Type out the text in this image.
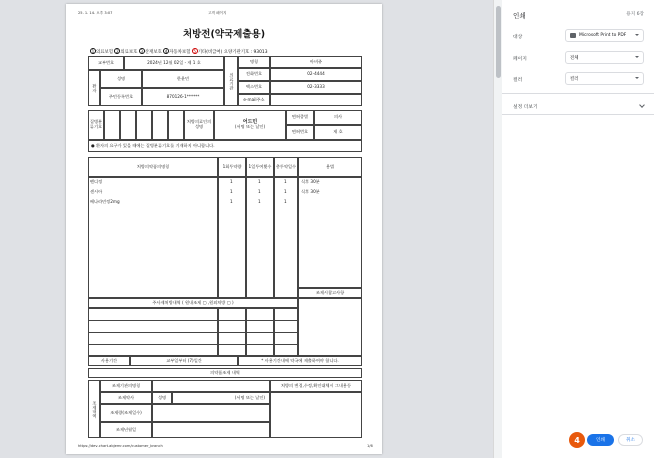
25. 1. 14. 오후 3:07	고객 페이지
https://dev-chart.abjemr.com/customer_branch	1/6
처방전(약국제출용)
1 의료보험 2 의료보호 3 산재보호 4 자동차보험 5 기타(비급여) 요양기관기호 : 93013
교부번호	2024년 12월 02일 - 제 1 호
환자
성명	한윤민
주민등록번호	870126-1******
의료기관
명칭	아비쥬
전화번호	02-4444
팩스번호	02-3333
e-mail주소
질병분류기호
처방의료인의성명
어드민
(서명 또는 날인)
면허종별	의사
면허번호	제 호
● 환자의 요구가 있을 때에는 질병분류기호를 기재하지 아니합니다.
처방의약품의명칭	1회투약량	1일투여횟수	총투약일수	용법
펜디정	1	1	1	식후 30분
센시아	1	1	1	식후 30분
베나라민정2mg	1	1	1
조제시참고사항
주사제처방내역 ( 원내조제 ▢ ,원외처방 ▢ )
사용기간	교부일부터 (7)일간	* 사용기간내에 약국에 제출하여야 합니다.
의약품조제 내역
조제내역
조제기관의명칭	처방의 변경,수정,확인대체시 그내용등
조제약사	성명	(서명 또는 날인)
조제량(조제일수)
조제년월일
인쇄	용지 6장
대상	Microsoft Print to PDF
페이지	전체
컬러	컬러
설정 더보기
4	인쇄	취소
